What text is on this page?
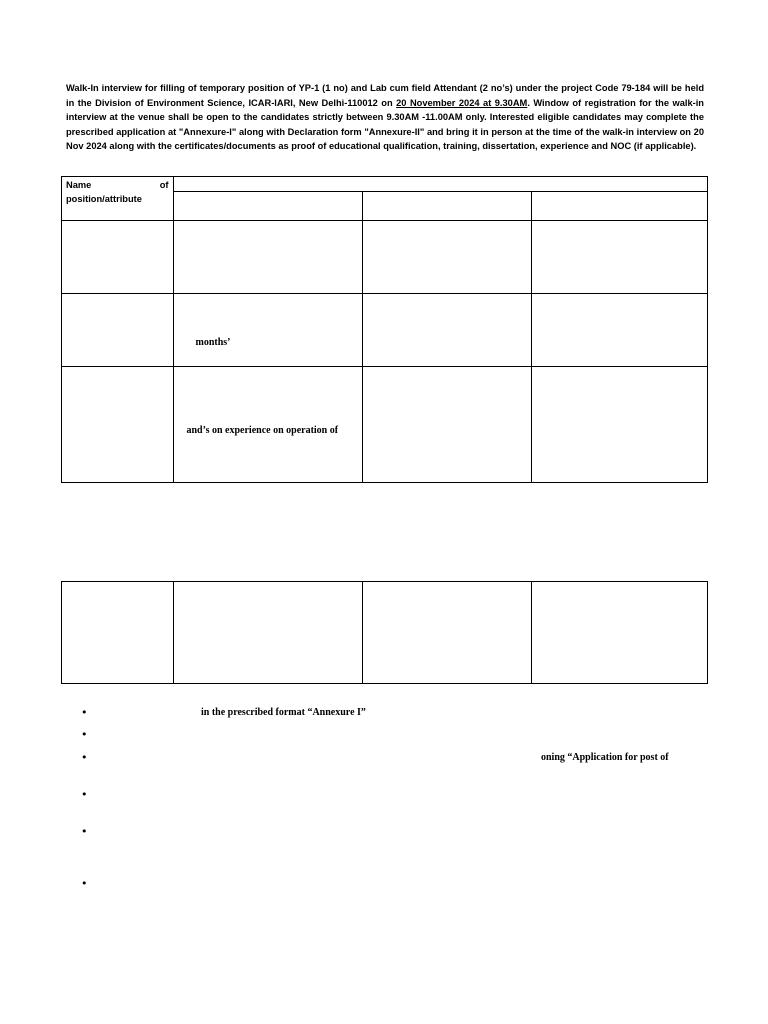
Walk-In interview for filling of temporary position of YP-1 (1 no) and Lab cum field Attendant (2 no’s) under the project Code 79-184 will be held in the Division of Environment Science, ICAR-IARI, New Delhi-110012 on 20 November 2024 at 9.30AM. Window of registration for the walk-in interview at the venue shall be open to the candidates strictly between 9.30AM -11.00AM only. Interested eligible candidates may complete the prescribed application at "Annexure-I" along with Declaration form "Annexure-II" and bring it in person at the time of the walk-in interview on 20 Nov 2024 along with the certificates/documents as proof of educational qualification, training, dissertation, experience and NOC (if applicable).
Name of
position/attribute			

	months’		

	and’s on experience on operation of		

•	in the prescribed format “Annexure I”
•
•	oning “Application for post of
•
•
•
